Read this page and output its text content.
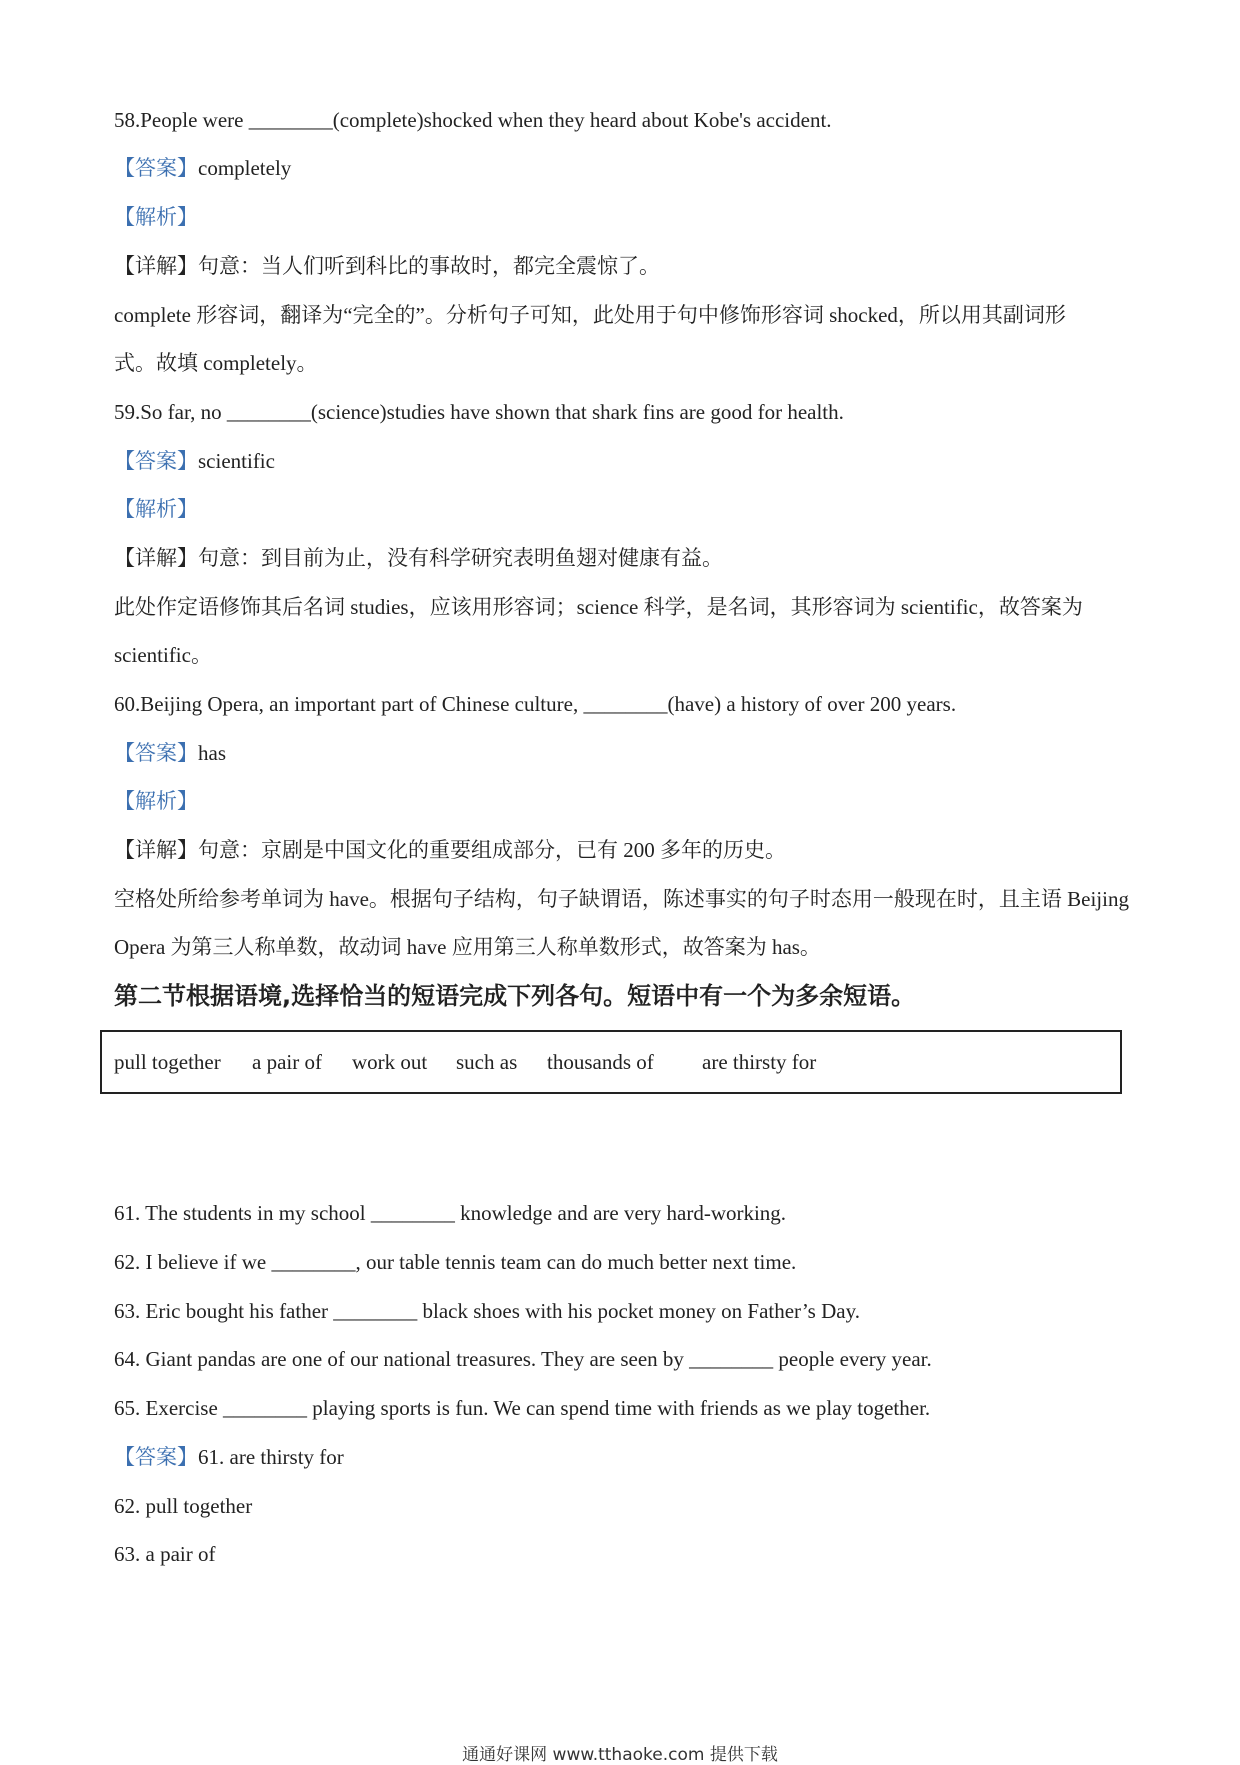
58.People were ________(complete)shocked when they heard about Kobe's accident.
【答案】completely
【解析】
【详解】句意：当人们听到科比的事故时，都完全震惊了。
complete 形容词，翻译为“完全的”。分析句子可知，此处用于句中修饰形容词 shocked，所以用其副词形
式。故填 completely。
59.So far, no ________(science)studies have shown that shark fins are good for health.
【答案】scientific
【解析】
【详解】句意：到目前为止，没有科学研究表明鱼翅对健康有益。
此处作定语修饰其后名词 studies，应该用形容词；science 科学，是名词，其形容词为 scientific，故答案为
scientific。
60.Beijing Opera, an important part of Chinese culture, ________(have) a history of over 200 years.
【答案】has
【解析】
【详解】句意：京剧是中国文化的重要组成部分，已有 200 多年的历史。
空格处所给参考单词为 have。根据句子结构，句子缺谓语，陈述事实的句子时态用一般现在时，且主语 Beijing
Opera 为第三人称单数，故动词 have 应用第三人称单数形式，故答案为 has。
第二节根据语境,选择恰当的短语完成下列各句。短语中有一个为多余短语。
pull together a pair of work out such as thousands of are thirsty for
61. The students in my school ________ knowledge and are very hard-working.
62. I believe if we ________, our table tennis team can do much better next time.
63. Eric bought his father ________ black shoes with his pocket money on Father’s Day.
64. Giant pandas are one of our national treasures. They are seen by ________ people every year.
65. Exercise ________ playing sports is fun. We can spend time with friends as we play together.
【答案】61. are thirsty for
62. pull together
63. a pair of
通通好课网 www.tthaoke.com 提供下载
